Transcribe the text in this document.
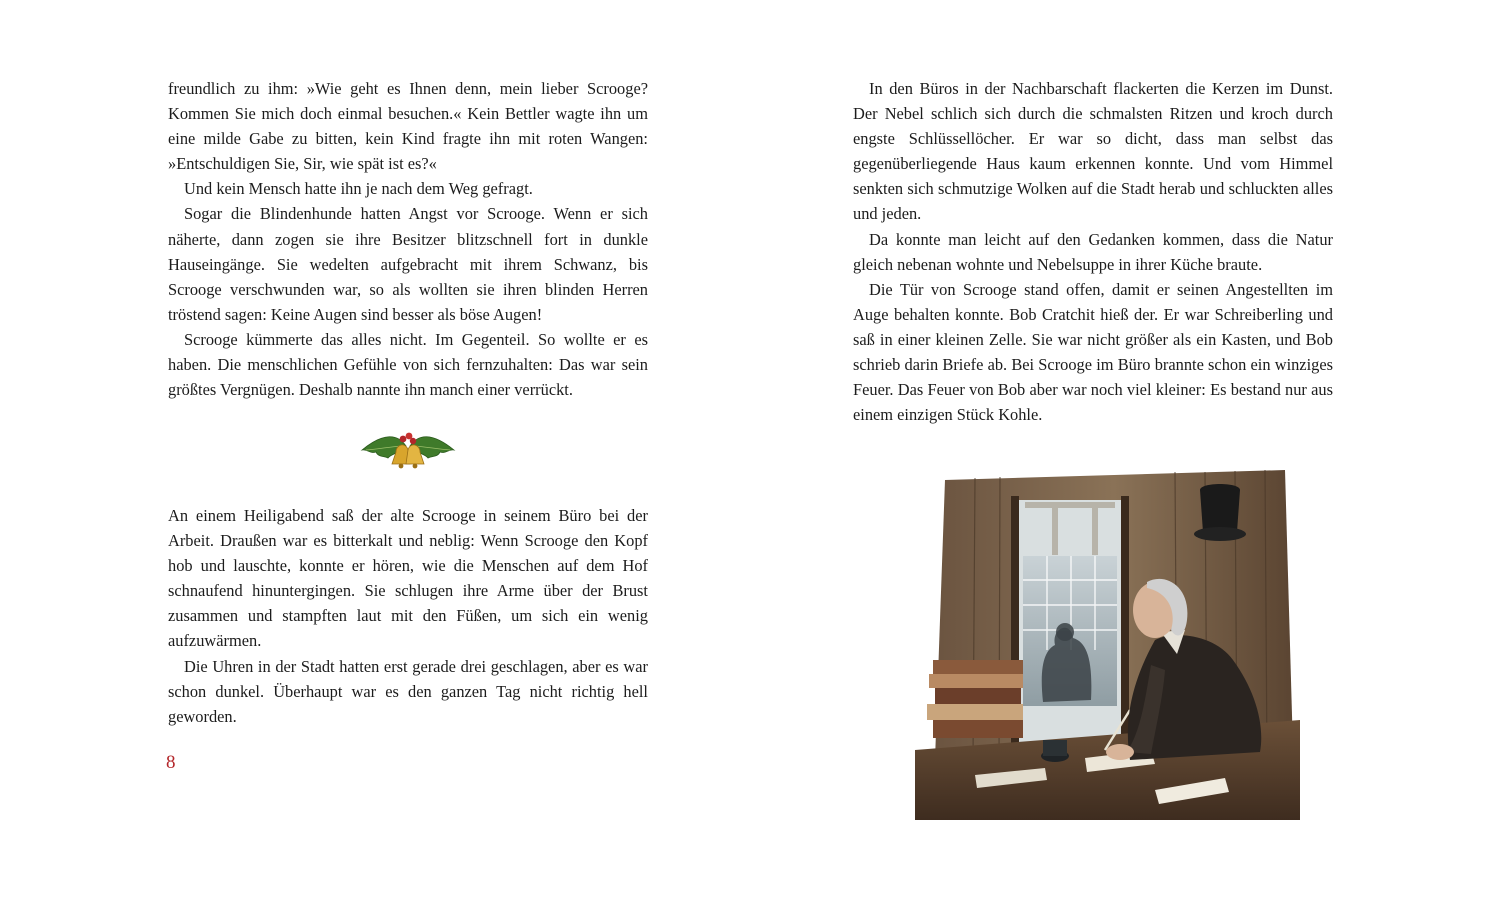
freundlich zu ihm: »Wie geht es Ihnen denn, mein lieber Scrooge? Kommen Sie mich doch einmal besuchen.« Kein Bettler wagte ihn um eine milde Gabe zu bitten, kein Kind fragte ihn mit roten Wangen: »Entschuldigen Sie, Sir, wie spät ist es?«

Und kein Mensch hatte ihn je nach dem Weg gefragt.

Sogar die Blindenhunde hatten Angst vor Scrooge. Wenn er sich näherte, dann zogen sie ihre Besitzer blitzschnell fort in dunkle Hauseingänge. Sie wedelten aufgebracht mit ihrem Schwanz, bis Scrooge verschwunden war, so als wollten sie ihren blinden Herren tröstend sagen: Keine Augen sind besser als böse Augen!

Scrooge kümmerte das alles nicht. Im Gegenteil. So wollte er es haben. Die menschlichen Gefühle von sich fernzuhalten: Das war sein größtes Vergnügen. Deshalb nannte ihn manch einer verrückt.

An einem Heiligabend saß der alte Scrooge in seinem Büro bei der Arbeit. Draußen war es bitterkalt und neblig: Wenn Scrooge den Kopf hob und lauschte, konnte er hören, wie die Menschen auf dem Hof schnaufend hinuntergingen. Sie schlugen ihre Arme über der Brust zusammen und stampften laut mit den Füßen, um sich ein wenig aufzuwärmen.

Die Uhren in der Stadt hatten erst gerade drei geschlagen, aber es war schon dunkel. Überhaupt war es den ganzen Tag nicht richtig hell geworden.

8

In den Büros in der Nachbarschaft flackerten die Kerzen im Dunst. Der Nebel schlich sich durch die schmalsten Ritzen und kroch durch engste Schlüssellöcher. Er war so dicht, dass man selbst das gegenüberliegende Haus kaum erkennen konnte. Und vom Himmel senkten sich schmutzige Wolken auf die Stadt herab und schluckten alles und jeden.

Da konnte man leicht auf den Gedanken kommen, dass die Natur gleich nebenan wohnte und Nebelsuppe in ihrer Küche braute.

Die Tür von Scrooge stand offen, damit er seinen Angestellten im Auge behalten konnte. Bob Cratchit hieß der. Er war Schreiberling und saß in einer kleinen Zelle. Sie war nicht größer als ein Kasten, und Bob schrieb darin Briefe ab. Bei Scrooge im Büro brannte schon ein winziges Feuer. Das Feuer von Bob aber war noch viel kleiner: Es bestand nur aus einem einzigen Stück Kohle.
